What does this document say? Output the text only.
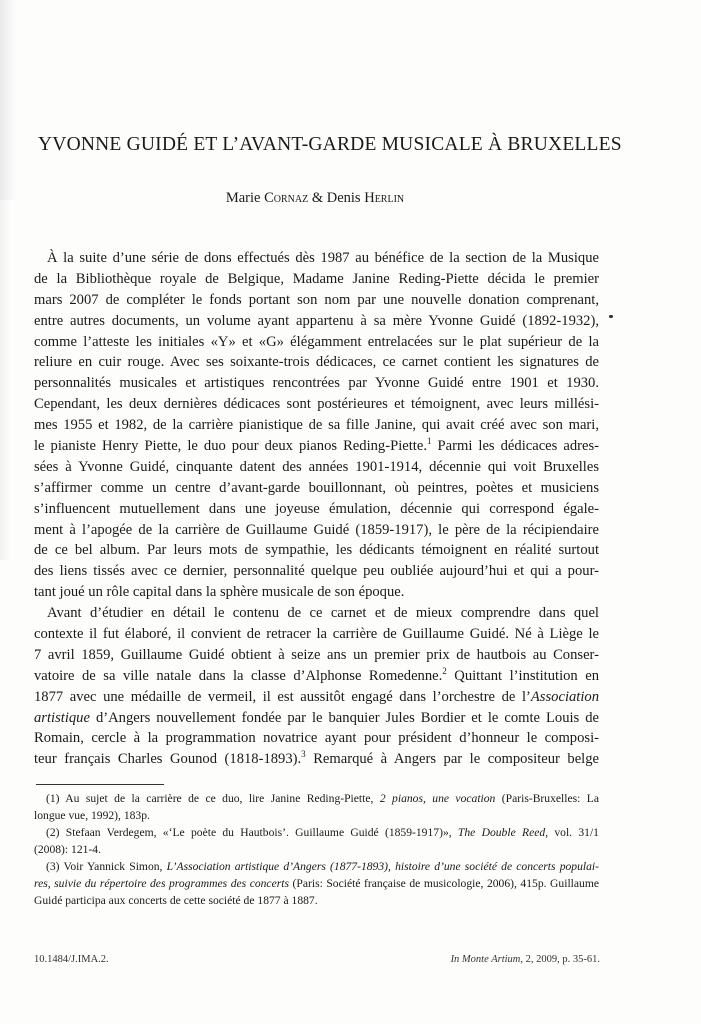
YVONNE GUIDÉ ET L’AVANT-GARDE MUSICALE À BRUXELLES

Marie Cornaz & Denis Herlin

À la suite d’une série de dons effectués dès 1987 au bénéfice de la section de la Musique
de la Bibliothèque royale de Belgique, Madame Janine Reding-Piette décida le premier
mars 2007 de compléter le fonds portant son nom par une nouvelle donation comprenant,
entre autres documents, un volume ayant appartenu à sa mère Yvonne Guidé (1892-1932),
comme l’atteste les initiales «Y» et «G» élégamment entrelacées sur le plat supérieur de la
reliure en cuir rouge. Avec ses soixante-trois dédicaces, ce carnet contient les signatures de
personnalités musicales et artistiques rencontrées par Yvonne Guidé entre 1901 et 1930.
Cependant, les deux dernières dédicaces sont postérieures et témoignent, avec leurs millési-
mes 1955 et 1982, de la carrière pianistique de sa fille Janine, qui avait créé avec son mari,
le pianiste Henry Piette, le duo pour deux pianos Reding-Piette.$^1$ Parmi les dédicaces adres-
sées à Yvonne Guidé, cinquante datent des années 1901-1914, décennie qui voit Bruxelles
s’affirmer comme un centre d’avant-garde bouillonnant, où peintres, poètes et musiciens
s’influencent mutuellement dans une joyeuse émulation, décennie qui correspond égale-
ment à l’apogée de la carrière de Guillaume Guidé (1859-1917), le père de la récipiendaire
de ce bel album. Par leurs mots de sympathie, les dédicants témoignent en réalité surtout
des liens tissés avec ce dernier, personnalité quelque peu oubliée aujourd’hui et qui a pour-
tant joué un rôle capital dans la sphère musicale de son époque.
Avant d’étudier en détail le contenu de ce carnet et de mieux comprendre dans quel
contexte il fut élaboré, il convient de retracer la carrière de Guillaume Guidé. Né à Liège le
7 avril 1859, Guillaume Guidé obtient à seize ans un premier prix de hautbois au Conser-
vatoire de sa ville natale dans la classe d’Alphonse Romedenne.$^2$ Quittant l’institution en
1877 avec une médaille de vermeil, il est aussitôt engagé dans l’orchestre de l’Association
artistique d’Angers nouvellement fondée par le banquier Jules Bordier et le comte Louis de
Romain, cercle à la programmation novatrice ayant pour président d’honneur le composi-
teur français Charles Gounod (1818-1893).$^3$ Remarqué à Angers par le compositeur belge
(1) Au sujet de la carrière de ce duo, lire Janine Reding-Piette, 2 pianos, une vocation (Paris-Bruxelles: La
longue vue, 1992), 183p.
(2) Stefaan Verdegem, «‘Le poète du Hautbois’. Guillaume Guidé (1859-1917)», The Double Reed, vol. 31/1
(2008): 121-4.
(3) Voir Yannick Simon, L’Association artistique d’Angers (1877-1893), histoire d’une société de concerts populai-
res, suivie du répertoire des programmes des concerts (Paris: Société française de musicologie, 2006), 415p. Guillaume
Guidé participa aux concerts de cette société de 1877 à 1887.
10.1484/J.IMA.2.	In Monte Artium, 2, 2009, p. 35-61.
